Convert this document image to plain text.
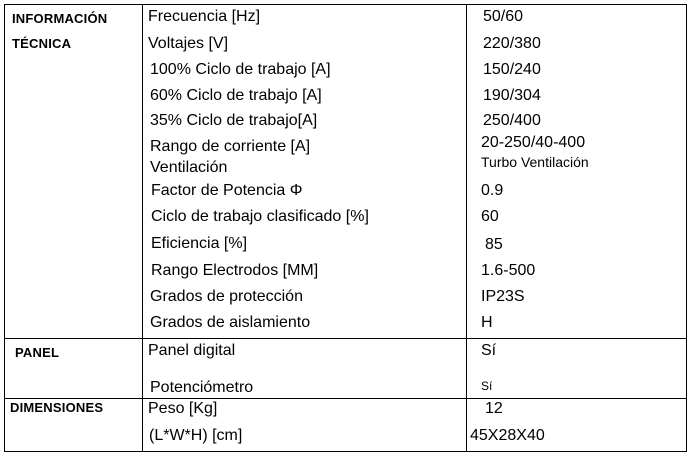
INFORMACIÓN
TÉCNICA
PANEL
DIMENSIONES
Frecuencia [Hz]
Voltajes [V]
100% Ciclo de trabajo [A]
60% Ciclo de trabajo [A]
35% Ciclo de trabajo[A]
Rango de corriente [A]
Ventilación
Factor de Potencia Φ
Ciclo de trabajo clasificado [%]
Eficiencia [%]
Rango Electrodos [MM]
Grados de protección
Grados de aislamiento
Panel digital
Potenciómetro
Peso [Kg]
(L*W*H) [cm]
50/60
220/380
150/240
190/304
250/400
20-250/40-400
Turbo Ventilación
0.9
60
85
1.6-500
IP23S
H
Sí
Sí
12
45X28X40
